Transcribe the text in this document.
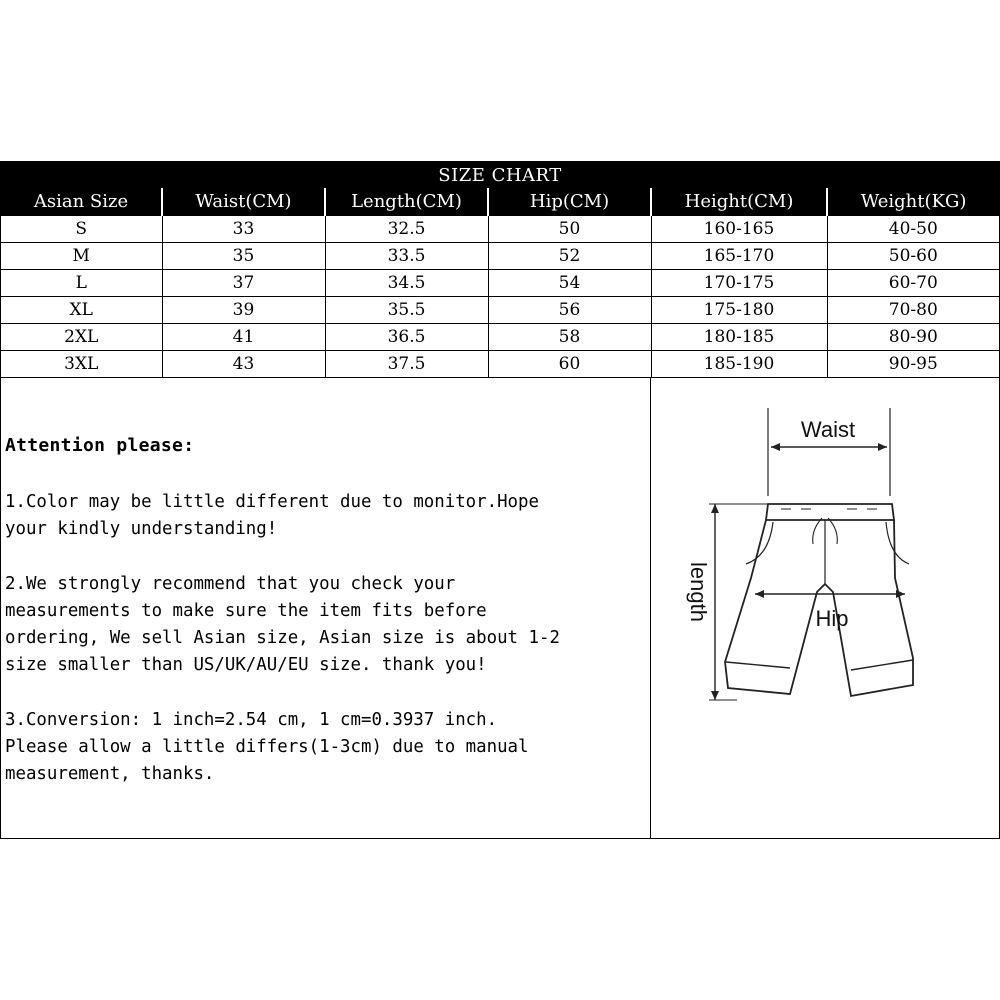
SIZE CHART					
Asian Size	Waist(CM)	Length(CM)	Hip(CM)	Height(CM)	Weight(KG)
S	33	32.5	50	160-165	40-50
M	35	33.5	52	165-170	50-60
L	37	34.5	54	170-175	60-70
XL	39	35.5	56	175-180	70-80
2XL	41	36.5	58	180-185	80-90
3XL	43	37.5	60	185-190	90-95
Attention please:
1.Color may be little different due to monitor.Hope
your kindly understanding!
2.We strongly recommend that you check your
measurements to make sure the item fits before
ordering, We sell Asian size, Asian size is about 1-2
size smaller than US/UK/AU/EU size. thank you!
3.Conversion: 1 inch=2.54 cm, 1 cm=0.3937 inch.
Please allow a little differs(1-3cm) due to manual
measurement, thanks.
Waist
Hip
length
